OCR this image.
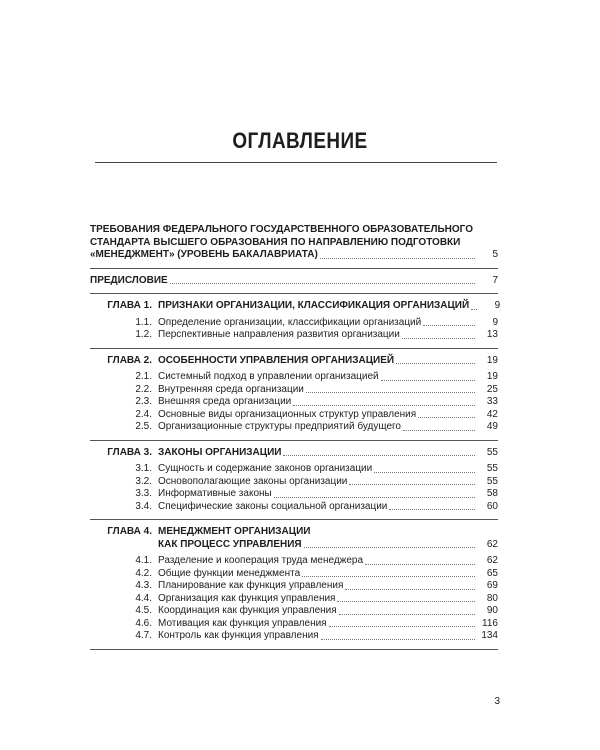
ОГЛАВЛЕНИЕ
ТРЕБОВАНИЯ ФЕДЕРАЛЬНОГО ГОСУДАРСТВЕННОГО ОБРАЗОВАТЕЛЬНОГО
СТАНДАРТА ВЫСШЕГО ОБРАЗОВАНИЯ ПО НАПРАВЛЕНИЮ ПОДГОТОВКИ
«МЕНЕДЖМЕНТ» (УРОВЕНЬ БАКАЛАВРИАТА)	5
ПРЕДИСЛОВИЕ	7
ГЛАВА 1. ПРИЗНАКИ ОРГАНИЗАЦИИ, КЛАССИФИКАЦИЯ ОРГАНИЗАЦИЙ	9
1.1. Определение организации, классификации организаций	9
1.2. Перспективные направления развития организации	13
ГЛАВА 2. ОСОБЕННОСТИ УПРАВЛЕНИЯ ОРГАНИЗАЦИЕЙ	19
2.1. Системный подход в управлении организацией	19
2.2. Внутренняя среда организации	25
2.3. Внешняя среда организации	33
2.4. Основные виды организационных структур управления	42
2.5. Организационные структуры предприятий будущего	49
ГЛАВА 3. ЗАКОНЫ ОРГАНИЗАЦИИ	55
3.1. Сущность и содержание законов организации	55
3.2. Основополагающие законы организации	55
3.3. Информативные законы	58
3.4. Специфические законы социальной организации	60
ГЛАВА 4. МЕНЕДЖМЕНТ ОРГАНИЗАЦИИ
КАК ПРОЦЕСС УПРАВЛЕНИЯ	62
4.1. Разделение и кооперация труда менеджера	62
4.2. Общие функции менеджмента	65
4.3. Планирование как функция управления	69
4.4. Организация как функция управления	80
4.5. Координация как функция управления	90
4.6. Мотивация как функция управления	116
4.7. Контроль как функция управления	134
3
